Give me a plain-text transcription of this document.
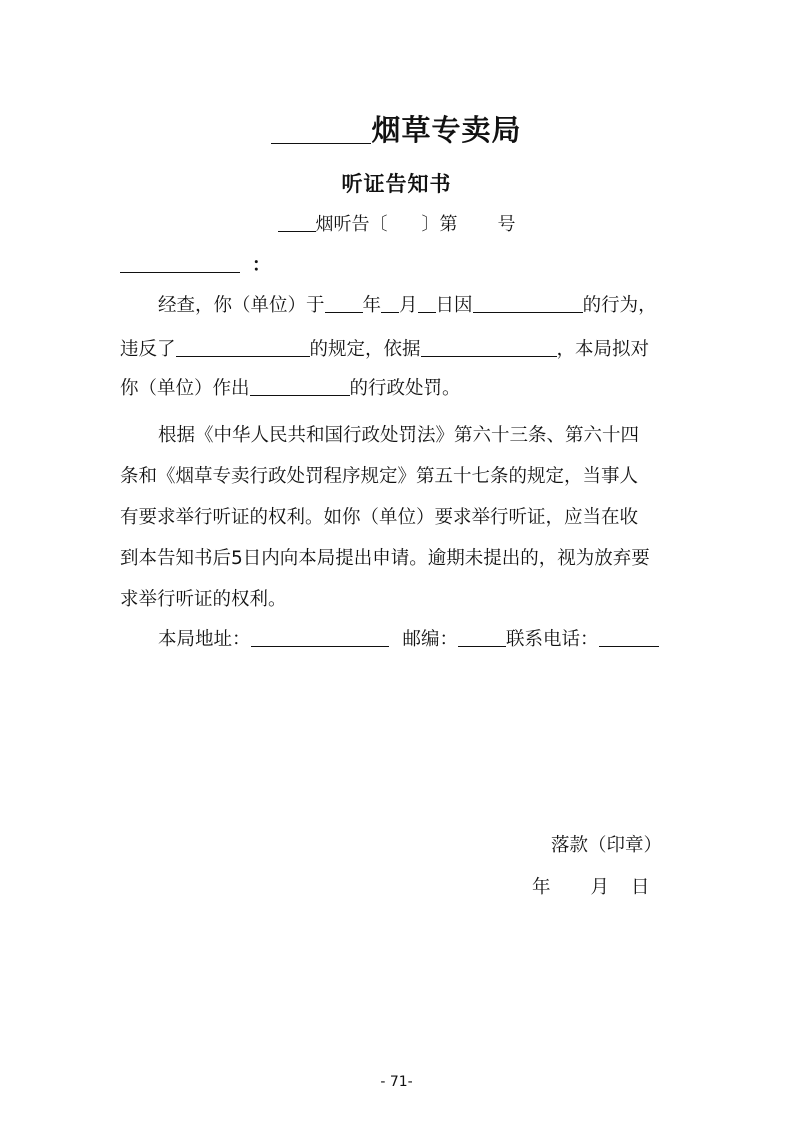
烟草专卖局
听证告知书
烟听告〔 〕第 号
：
经查，你（单位）于 年 月 日因	的行为，
违反了	的规定，依据	，本局拟对
你（单位）作出	的行政处罚。
根据《中华人民共和国行政处罚法》第六十三条、第六十四
条和《烟草专卖行政处罚程序规定》第五十七条的规定，当事人
有要求举行听证的权利。如你（单位）要求举行听证，应当在收
到本告知书后5日内向本局提出申请。逾期未提出的，视为放弃要
求举行听证的权利。
本局地址：	邮编：	联系电话：
落款（印章）
年 月 日
- 71-
